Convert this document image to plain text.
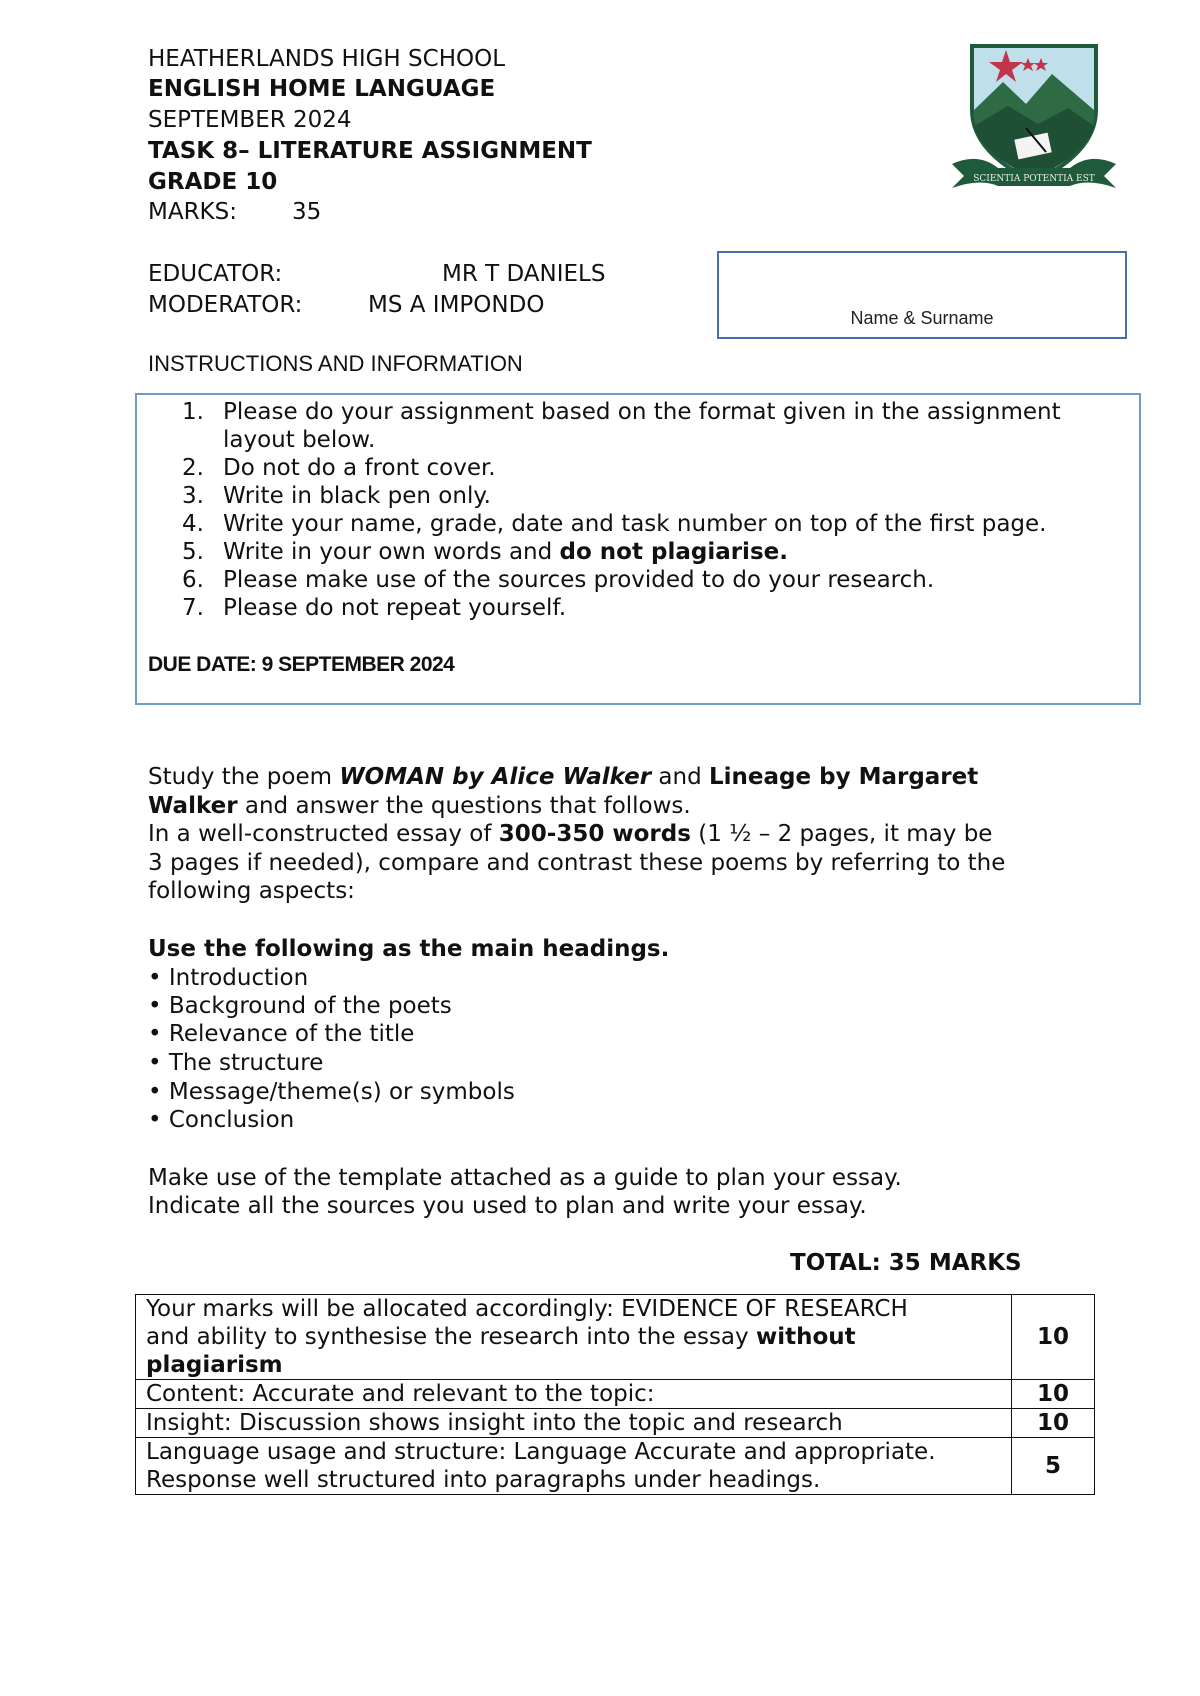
HEATHERLANDS HIGH SCHOOL
ENGLISH HOME LANGUAGE
SEPTEMBER 2024
TASK 8– LITERATURE ASSIGNMENT
GRADE 10
MARKS: 35
EDUCATOR:	MR T DANIELS
MODERATOR:	MS A IMPONDO
SCIENTIA POTENTIA EST
Name & Surname
INSTRUCTIONS AND INFORMATION
1. Please do your assignment based on the format given in the assignment
layout below.
2. Do not do a front cover.
3. Write in black pen only.
4. Write your name, grade, date and task number on top of the first page.
5. Write in your own words and do not plagiarise.
6. Please make use of the sources provided to do your research.
7. Please do not repeat yourself.
DUE DATE: 9 SEPTEMBER 2024
Study the poem WOMAN by Alice Walker and Lineage by Margaret
Walker and answer the questions that follows.
In a well-constructed essay of 300-350 words (1 ½ – 2 pages, it may be
3 pages if needed), compare and contrast these poems by referring to the
following aspects:
Use the following as the main headings.
• Introduction
• Background of the poets
• Relevance of the title
• The structure
• Message/theme(s) or symbols
• Conclusion
Make use of the template attached as a guide to plan your essay.
Indicate all the sources you used to plan and write your essay.
TOTAL: 35 MARKS
Your marks will be allocated accordingly: EVIDENCE OF RESEARCH
and ability to synthesise the research into the essay without
plagiarism	10
Content: Accurate and relevant to the topic:	10
Insight: Discussion shows insight into the topic and research	10

Language usage and structure: Language Accurate and appropriate.
Response well structured into paragraphs under headings.	5
